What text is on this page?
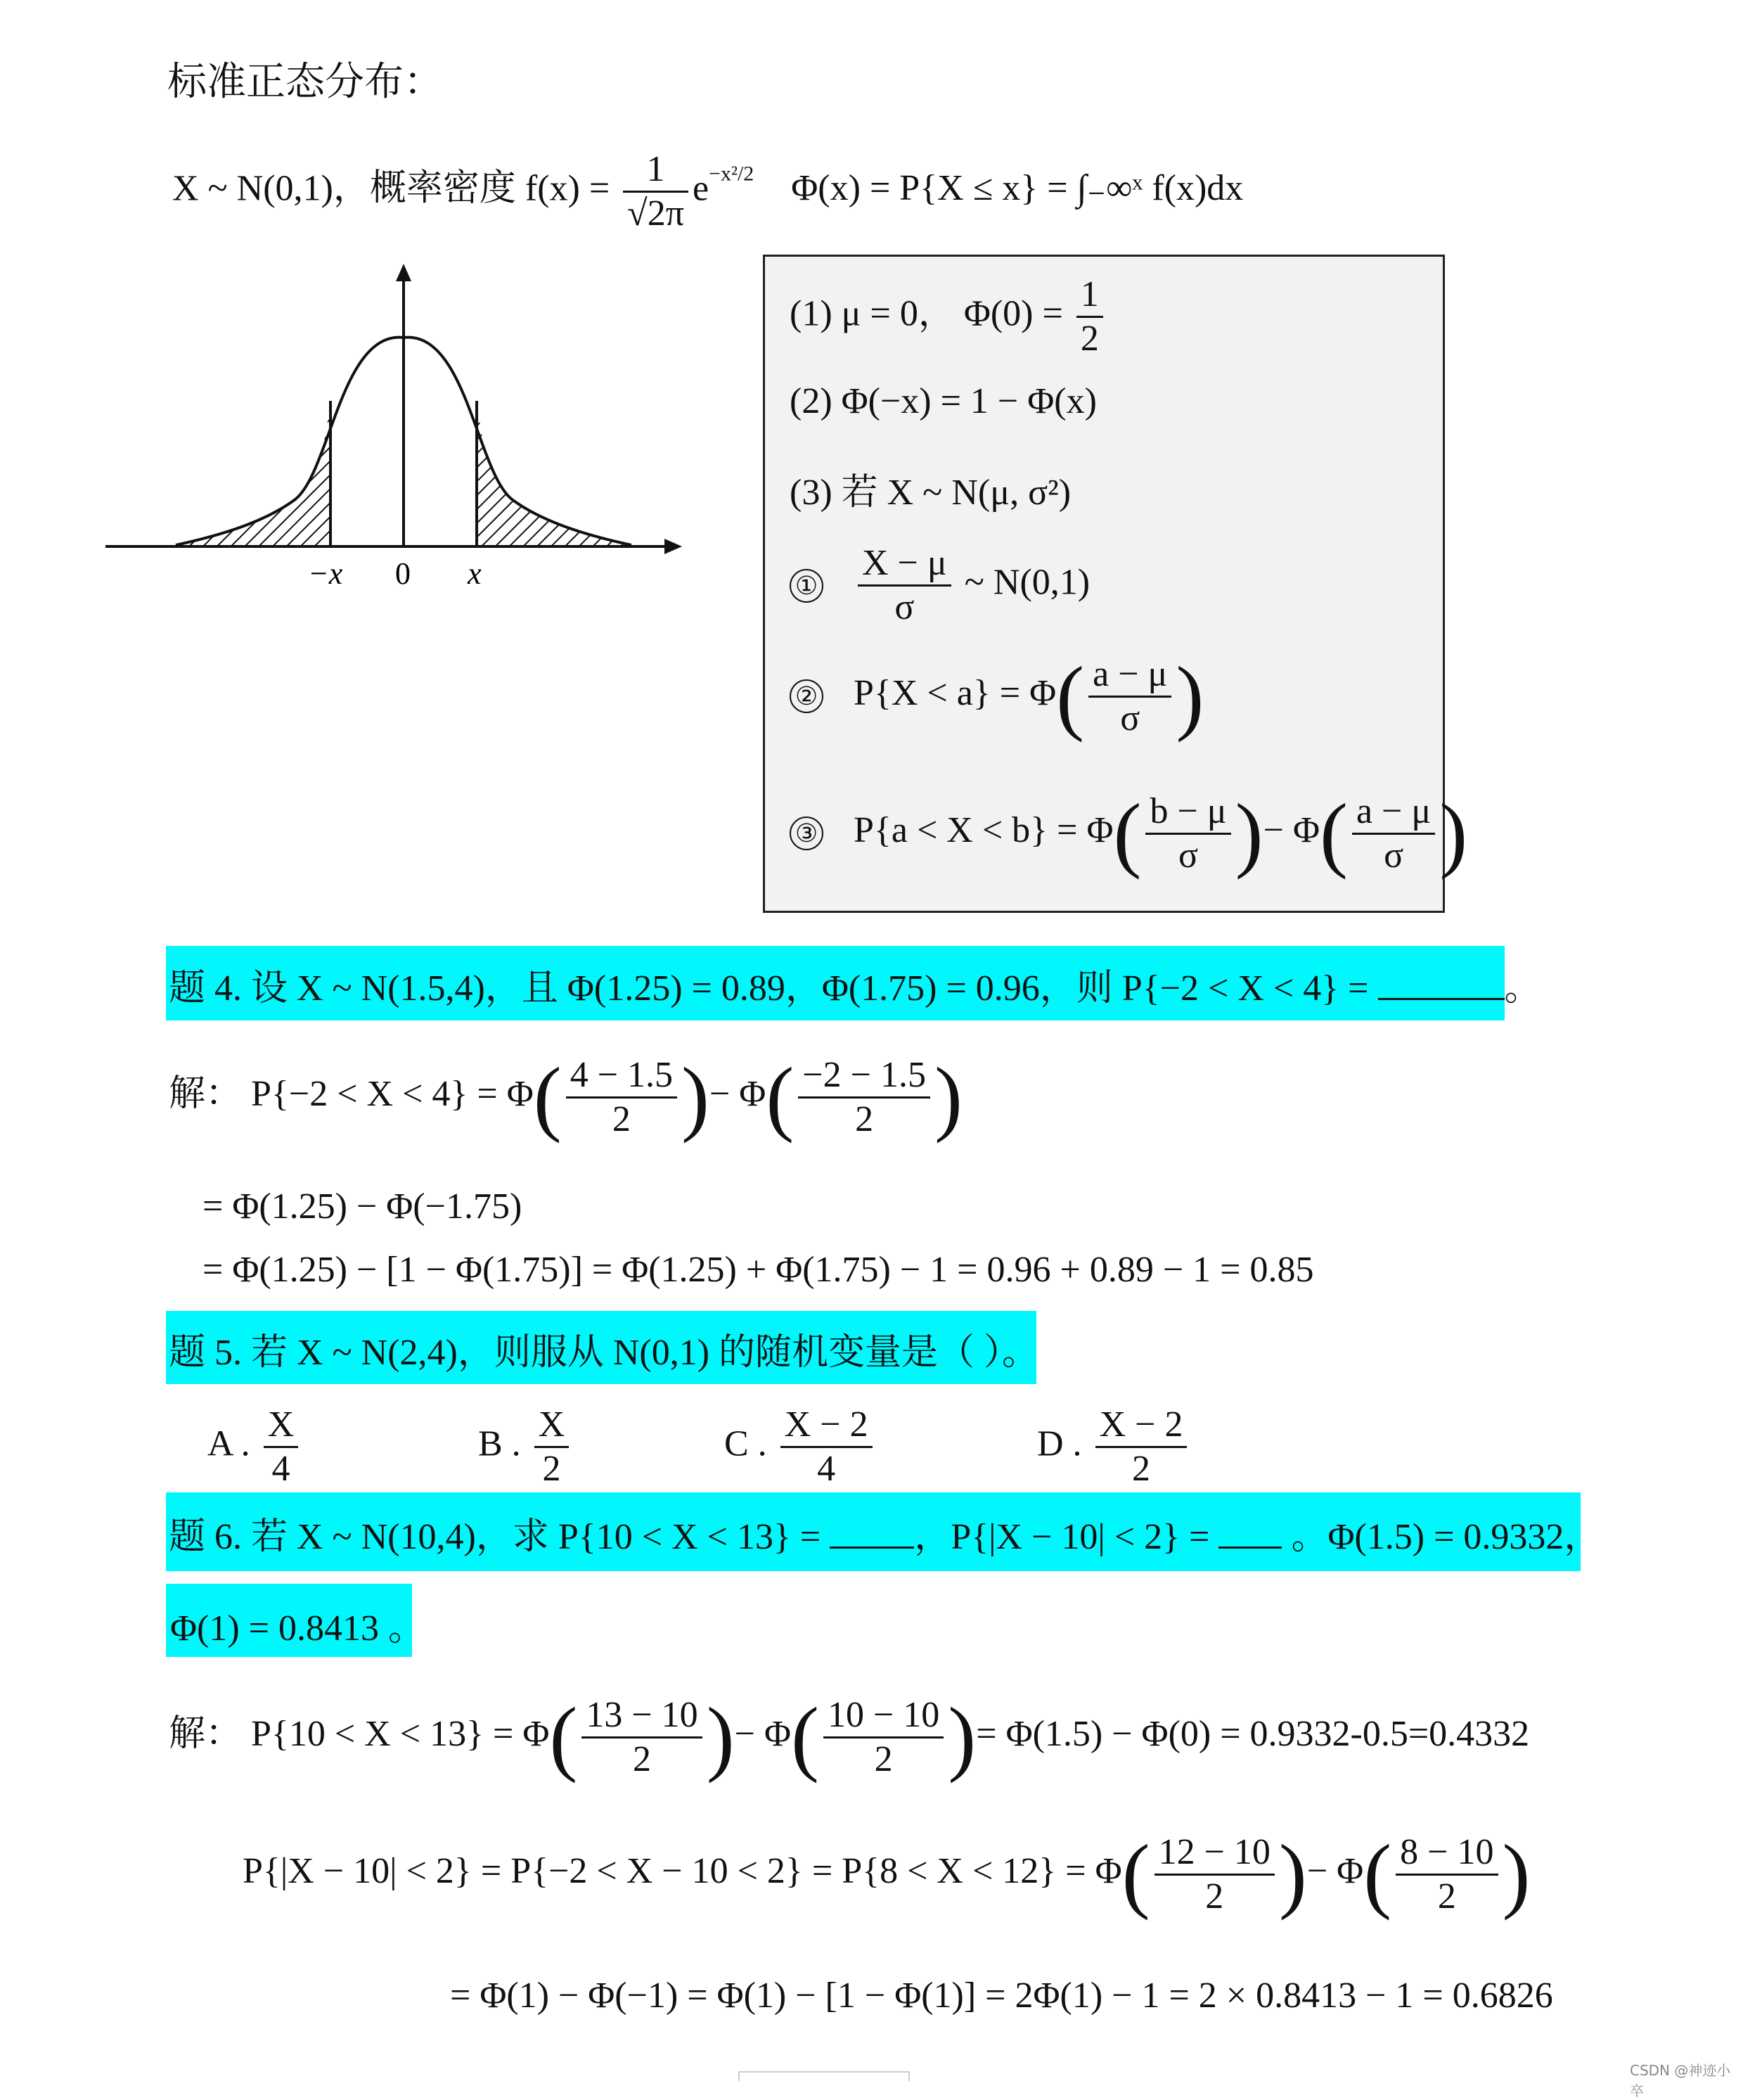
标准正态分布：
X ~ N(0,1)，概率密度 $f(x) = \frac{1}{√2\pi} e^{-x^2/2}$ Φ(x) = P{X ≤ x} = ∫₋∞ˣ f(x)dx
−x 0 x
(1) μ = 0， $\Phi(0) = \frac{1}{2}$
(2) Φ(−x) = 1 − Φ(x)
(3) 若 X ~ N(μ, σ²)
① $\frac{X - \mu}{\sigma}$ ~ N(0,1)
② $P\{X < a\} = \Phi( \frac{a - \mu}{\sigma}$ )
③ $P\{a < X < b\} = \Phi( \frac{b - \mu}{\sigma}$ )− $\Phi( \frac{a - \mu}{\sigma}$ )
题 4. 设 X ~ N(1.5,4)，且 Φ(1.25) = 0.89，Φ(1.75) = 0.96，则 P{−2 < X < 4} =	。
解： $P\{-2 < X < 4\} = \Phi( \frac{4 - 1.5}{2}$ )− $\Phi( \frac{-2 - 1.5}{2}$ )
= Φ(1.25) − Φ(−1.75)
= Φ(1.25) − [1 − Φ(1.75)] = Φ(1.25) + Φ(1.75) − 1 = 0.96 + 0.89 − 1 = 0.85
题 5. 若 X ~ N(2,4)，则服从 N(0,1) 的随机变量是（ ）。
A . $\frac{X}{4}$	B . $\frac{X}{2}$	C . $\frac{X - 2}{4}$	D . $\frac{X - 2}{2}$
题 6. 若 X ~ N(10,4)，求 P{10 < X < 13} =	，P{|X − 10| < 2} = 。Φ(1.5) = 0.9332，
Φ(1) = 0.8413 。
解： $P\{10 < X < 13\} = \Phi( \frac{13 - 10}{2}$ )− $\Phi( \frac{10 - 10}{2}$ )= Φ(1.5) − Φ(0) = 0.9332-0.5=0.4332
$P\{|X - 10| < 2\} = P\{-2 < X - 10 < 2\} = P\{8 < X < 12\} = \Phi( \frac{12 - 10}{2}$ )− $\Phi( \frac{8 - 10}{2}$ )
= Φ(1) − Φ(−1) = Φ(1) − [1 − Φ(1)] = 2Φ(1) − 1 = 2 × 0.8413 − 1 = 0.6826
CSDN @神迹小卒
